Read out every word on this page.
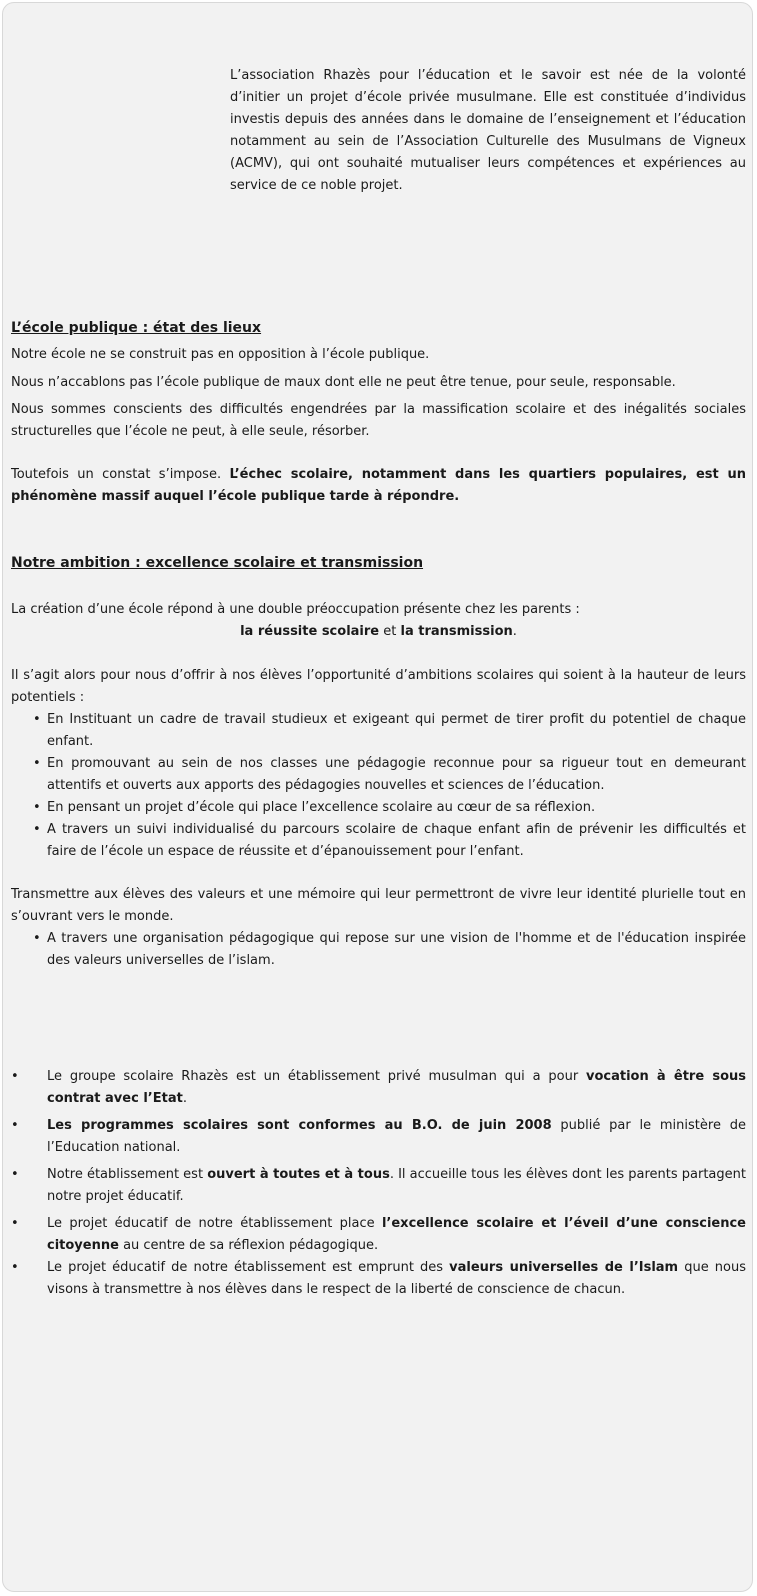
L’association Rhazès pour l’éducation et le savoir est née de la volonté d’initier un projet d’école privée musulmane. Elle est constituée d’individus investis depuis des années dans le domaine de l’enseignement et l’éducation notamment au sein de l’Association Culturelle des Musulmans de Vigneux (ACMV), qui ont souhaité mutualiser leurs compétences et expériences au service de ce noble projet.

L’école publique : état des lieux

Notre école ne se construit pas en opposition à l’école publique.

Nous n’accablons pas l’école publique de maux dont elle ne peut être tenue, pour seule, responsable.

Nous sommes conscients des difficultés engendrées par la massification scolaire et des inégalités sociales structurelles que l’école ne peut, à elle seule, résorber.

Toutefois un constat s’impose. L’échec scolaire, notamment dans les quartiers populaires, est un phénomène massif auquel l’école publique tarde à répondre.

Notre ambition : excellence scolaire et transmission

La création d’une école répond à une double préoccupation présente chez les parents :

la réussite scolaire et la transmission.

Il s’agit alors pour nous d’offrir à nos élèves l’opportunité d’ambitions scolaires qui soient à la hauteur de leurs potentiels :

• En Instituant un cadre de travail studieux et exigeant qui permet de tirer profit du potentiel de chaque enfant.
• En promouvant au sein de nos classes une pédagogie reconnue pour sa rigueur tout en demeurant attentifs et ouverts aux apports des pédagogies nouvelles et sciences de l’éducation.
• En pensant un projet d’école qui place l’excellence scolaire au cœur de sa réflexion.
• A travers un suivi individualisé du parcours scolaire de chaque enfant afin de prévenir les difficultés et faire de l’école un espace de réussite et d’épanouissement pour l’enfant.

Transmettre aux élèves des valeurs et une mémoire qui leur permettront de vivre leur identité plurielle tout en s’ouvrant vers le monde.

• A travers une organisation pédagogique qui repose sur une vision de l'homme et de l'éducation inspirée des valeurs universelles de l’islam.
• Le groupe scolaire Rhazès est un établissement privé musulman qui a pour vocation à être sous contrat avec l’Etat.
• Les programmes scolaires sont conformes au B.O. de juin 2008 publié par le ministère de l’Education national.
• Notre établissement est ouvert à toutes et à tous. Il accueille tous les élèves dont les parents partagent notre projet éducatif.
• Le projet éducatif de notre établissement place l’excellence scolaire et l’éveil d’une conscience citoyenne au centre de sa réflexion pédagogique.
• Le projet éducatif de notre établissement est emprunt des valeurs universelles de l’Islam que nous visons à transmettre à nos élèves dans le respect de la liberté de conscience de chacun.
